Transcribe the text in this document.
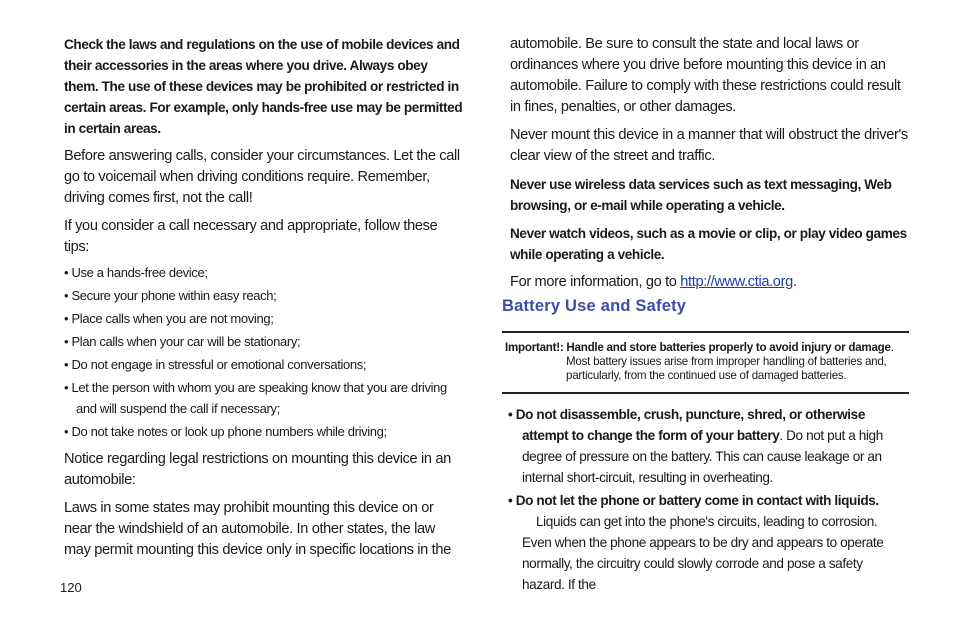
Check the laws and regulations on the use of mobile devices and their accessories in the areas where you drive. Always obey them. The use of these devices may be prohibited or restricted in certain areas. For example, only hands-free use may be permitted in certain areas.

Before answering calls, consider your circumstances. Let the call go to voicemail when driving conditions require. Remember, driving comes first, not the call!

If you consider a call necessary and appropriate, follow these tips:

• Use a hands-free device;
• Secure your phone within easy reach;
• Place calls when you are not moving;
• Plan calls when your car will be stationary;
• Do not engage in stressful or emotional conversations;
• Let the person with whom you are speaking know that you are driving and will suspend the call if necessary;
• Do not take notes or look up phone numbers while driving;

Notice regarding legal restrictions on mounting this device in an automobile:

Laws in some states may prohibit mounting this device on or near the windshield of an automobile. In other states, the law may permit mounting this device only in specific locations in the

automobile. Be sure to consult the state and local laws or ordinances where you drive before mounting this device in an automobile. Failure to comply with these restrictions could result in fines, penalties, or other damages.

Never mount this device in a manner that will obstruct the driver's clear view of the street and traffic.

Never use wireless data services such as text messaging, Web browsing, or e-mail while operating a vehicle.

Never watch videos, such as a movie or clip, or play video games while operating a vehicle.

For more information, go to http://www.ctia.org.

Battery Use and Safety
Important!: Handle and store batteries properly to avoid injury or damage.
Most battery issues arise from improper handling of batteries and, particularly, from the continued use of damaged batteries.

• Do not disassemble, crush, puncture, shred, or otherwise attempt to change the form of your battery. Do not put a high degree of pressure on the battery. This can cause leakage or an internal short-circuit, resulting in overheating.

• Do not let the phone or battery come in contact with liquids.
Liquids can get into the phone's circuits, leading to corrosion. Even when the phone appears to be dry and appears to operate normally, the circuitry could slowly corrode and pose a safety hazard. If the

120
